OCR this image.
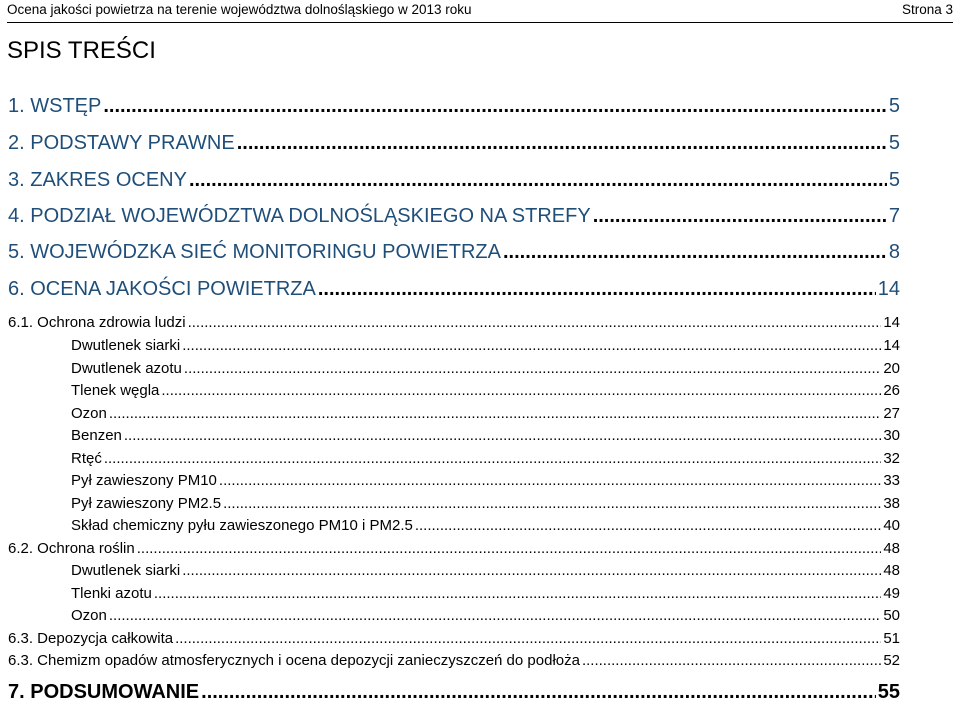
Ocena jakości powietrza na terenie województwa dolnośląskiego w 2013 roku	Strona 3
SPIS TREŚCI
1. WSTĘP .....	5
2. PODSTAWY PRAWNE .....	5
3. ZAKRES OCENY .....	5
4. PODZIAŁ WOJEWÓDZTWA DOLNOŚLĄSKIEGO NA STREFY .....	7
5. WOJEWÓDZKA SIEĆ MONITORINGU POWIETRZA .....	8
6. OCENA JAKOŚCI POWIETRZA .....	14
6.1. Ochrona zdrowia ludzi .....	14
Dwutlenek siarki .....	14
Dwutlenek azotu .....	20
Tlenek węgla .....	26
Ozon .....	27
Benzen .....	30
Rtęć .....	32
Pył zawieszony PM10 .....	33
Pył zawieszony PM2.5 .....	38
Skład chemiczny pyłu zawieszonego PM10 i PM2.5 .....	40
6.2. Ochrona roślin .....	48
Dwutlenek siarki .....	48
Tlenki azotu .....	49
Ozon .....	50
6.3. Depozycja całkowita .....	51
6.3. Chemizm opadów atmosferycznych i ocena depozycji zanieczyszczeń do podłoża .....	52
7. PODSUMOWANIE .....	55
